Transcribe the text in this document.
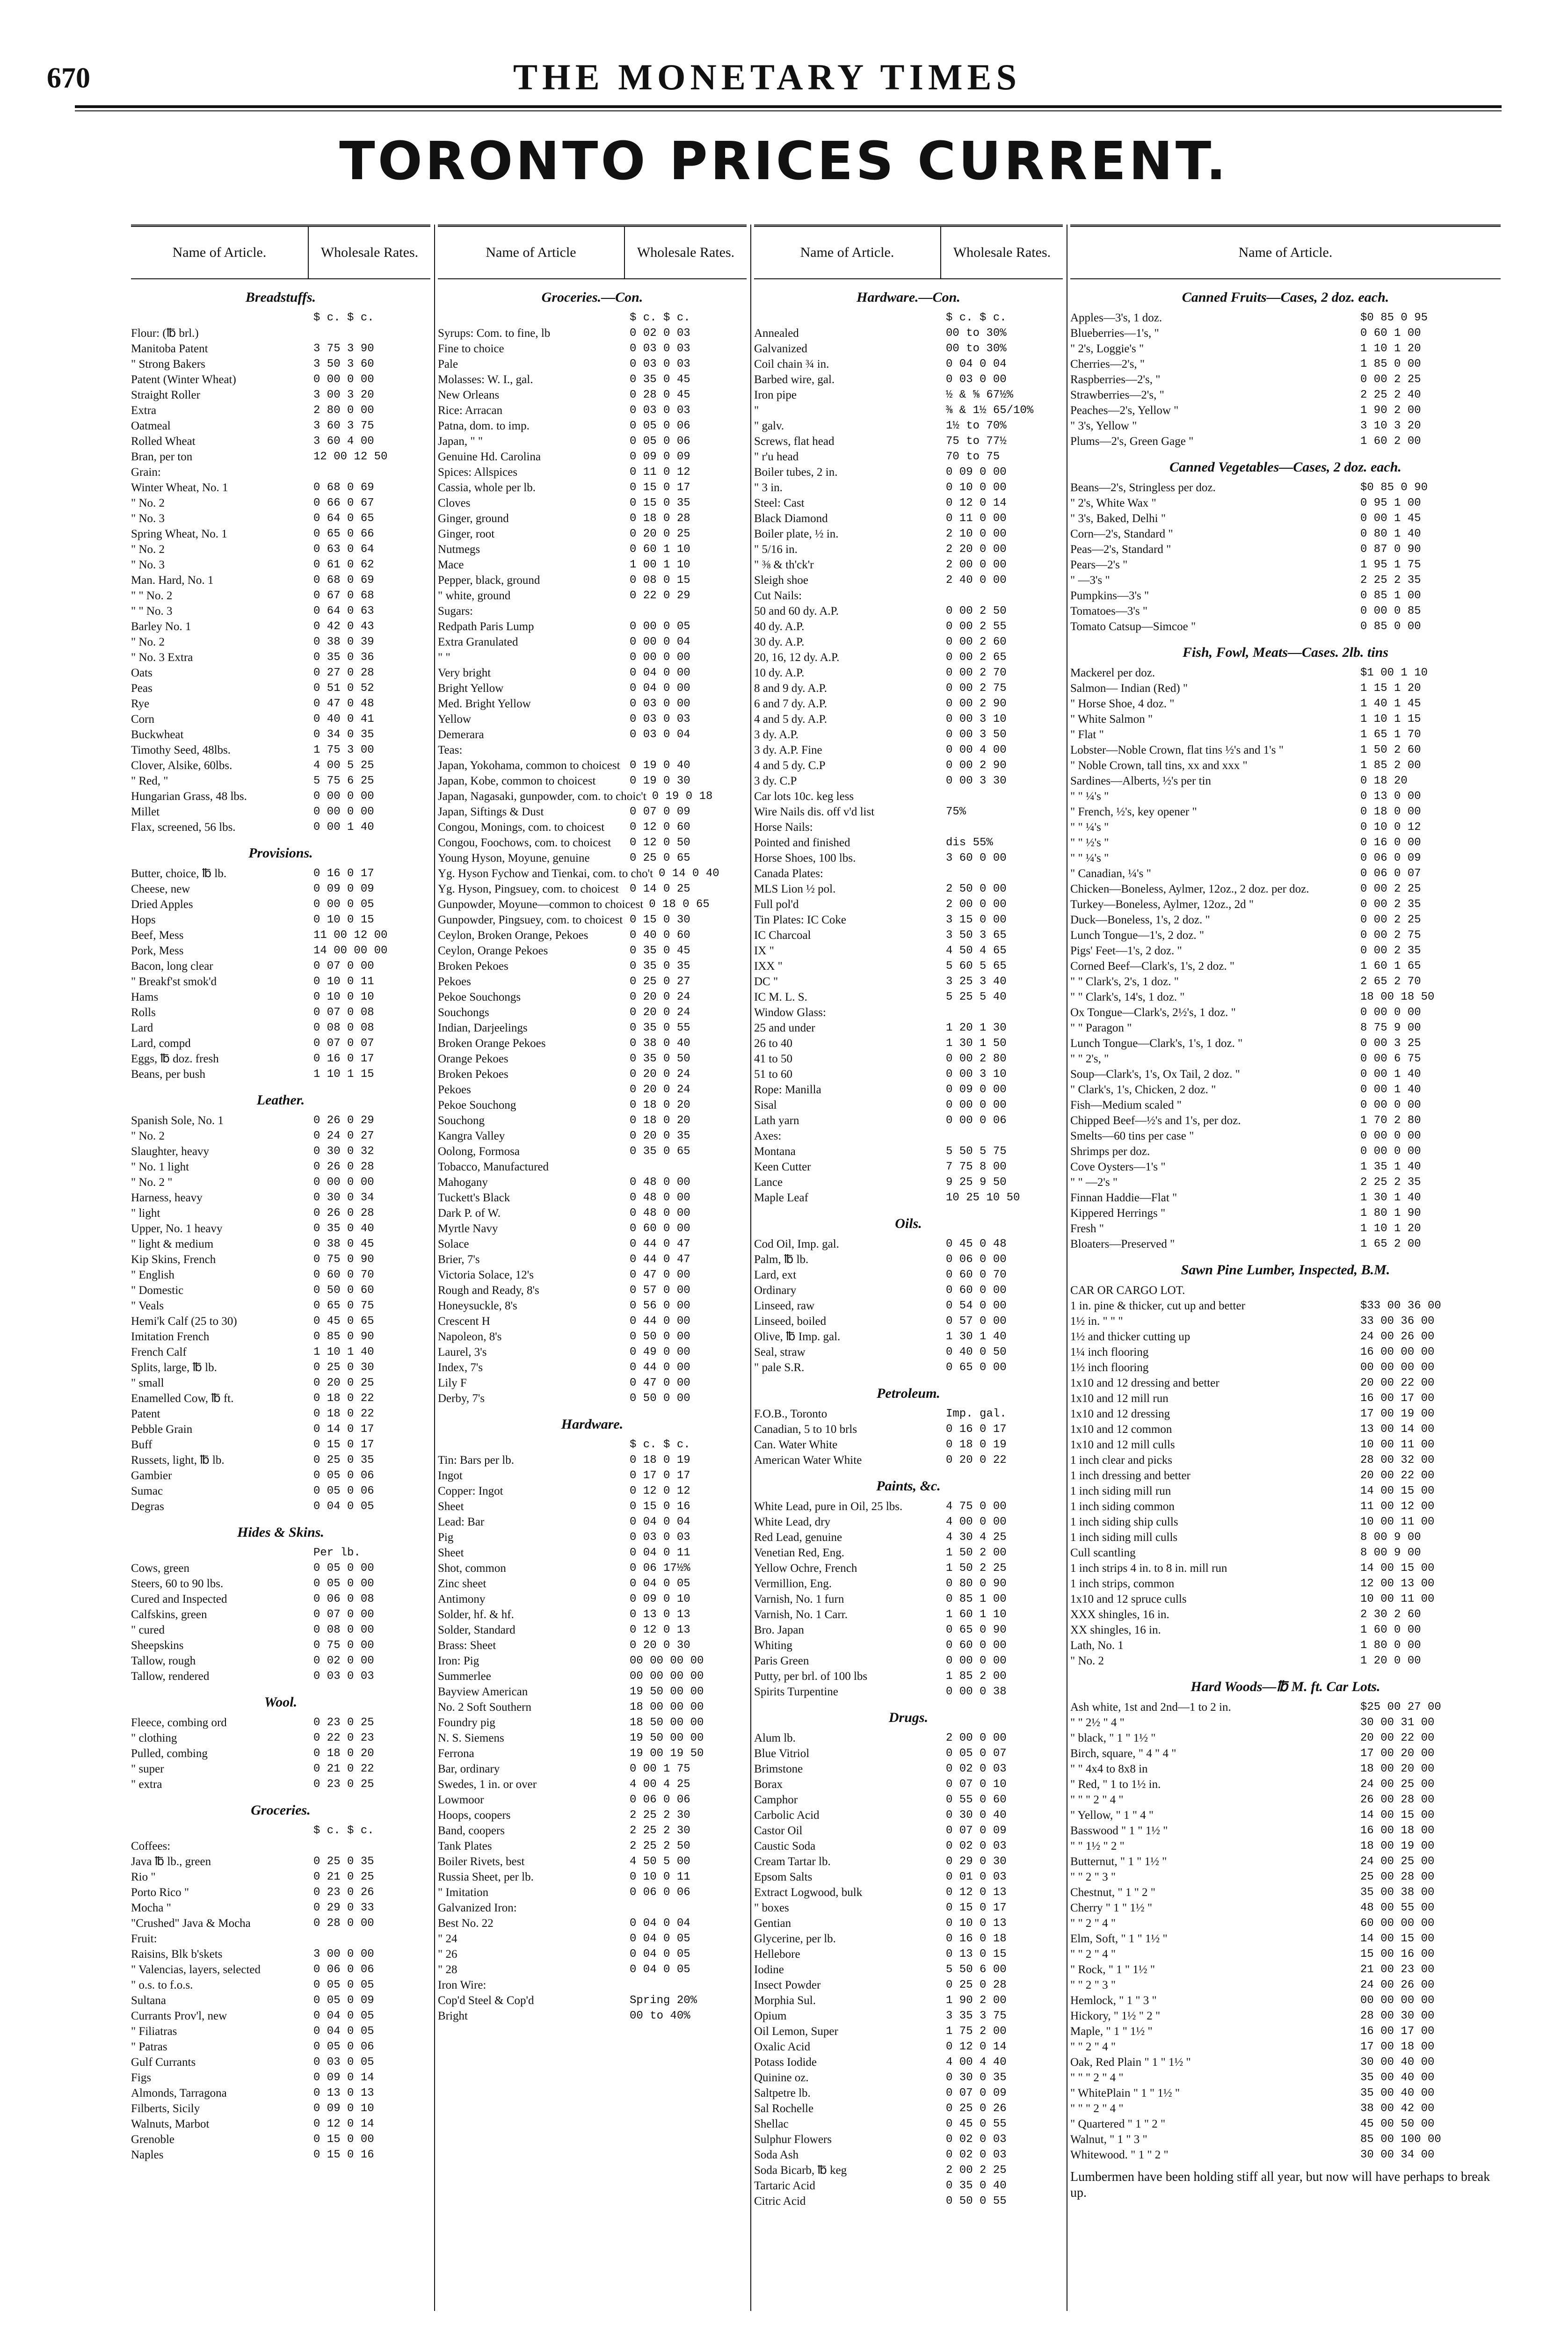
670	THE MONETARY TIMES
TORONTO PRICES CURRENT.
Name of Article.	Wholesale Rates.
Breadstuffs.
$ c. $ c.
Flour: (℔ brl.)
Manitoba Patent	3 75 3 90
" Strong Bakers	3 50 3 60
Patent (Winter Wheat)	0 00 0 00
Straight Roller	3 00 3 20
Extra	2 80 0 00
Oatmeal	3 60 3 75
Rolled Wheat	3 60 4 00
Bran, per ton	12 00 12 50
Grain:
Winter Wheat, No. 1	0 68 0 69
" No. 2	0 66 0 67
" No. 3	0 64 0 65
Spring Wheat, No. 1	0 65 0 66
" No. 2	0 63 0 64
" No. 3	0 61 0 62
Man. Hard, No. 1	0 68 0 69
" " No. 2	0 67 0 68
" " No. 3	0 64 0 63
Barley No. 1	0 42 0 43
" No. 2	0 38 0 39
" No. 3 Extra	0 35 0 36
Oats	0 27 0 28
Peas	0 51 0 52
Rye	0 47 0 48
Corn	0 40 0 41
Buckwheat	0 34 0 35
Timothy Seed, 48lbs.	1 75 3 00
Clover, Alsike, 60lbs.	4 00 5 25
" Red, "	5 75 6 25
Hungarian Grass, 48 lbs.	0 00 0 00
Millet	0 00 0 00
Flax, screened, 56 lbs.	0 00 1 40
Provisions.
Butter, choice, ℔ lb.	0 16 0 17
Cheese, new	0 09 0 09
Dried Apples	0 00 0 05
Hops	0 10 0 15
Beef, Mess	11 00 12 00
Pork, Mess	14 00 00 00
Bacon, long clear	0 07 0 00
" Breakf'st smok'd	0 10 0 11
Hams	0 10 0 10
Rolls	0 07 0 08
Lard	0 08 0 08
Lard, compd	0 07 0 07
Eggs, ℔ doz. fresh	0 16 0 17
Beans, per bush	1 10 1 15
Leather.
Spanish Sole, No. 1	0 26 0 29
" No. 2	0 24 0 27
Slaughter, heavy	0 30 0 32
" No. 1 light	0 26 0 28
" No. 2 "	0 00 0 00
Harness, heavy	0 30 0 34
" light	0 26 0 28
Upper, No. 1 heavy	0 35 0 40
" light & medium	0 38 0 45
Kip Skins, French	0 75 0 90
" English	0 60 0 70
" Domestic	0 50 0 60
" Veals	0 65 0 75
Hemi'k Calf (25 to 30)	0 45 0 65
Imitation French	0 85 0 90
French Calf	1 10 1 40
Splits, large, ℔ lb.	0 25 0 30
" small	0 20 0 25
Enamelled Cow, ℔ ft.	0 18 0 22
Patent	0 18 0 22
Pebble Grain	0 14 0 17
Buff	0 15 0 17
Russets, light, ℔ lb.	0 25 0 35
Gambier	0 05 0 06
Sumac	0 05 0 06
Degras	0 04 0 05
Hides & Skins.
Per lb.
Cows, green	0 05 0 00
Steers, 60 to 90 lbs.	0 05 0 00
Cured and Inspected	0 06 0 08
Calfskins, green	0 07 0 00
" cured	0 08 0 00
Sheepskins	0 75 0 00
Tallow, rough	0 02 0 00
Tallow, rendered	0 03 0 03
Wool.
Fleece, combing ord	0 23 0 25
" clothing	0 22 0 23
Pulled, combing	0 18 0 20
" super	0 21 0 22
" extra	0 23 0 25
Groceries.
$ c. $ c.
Coffees:
Java ℔ lb., green	0 25 0 35
Rio "	0 21 0 25
Porto Rico "	0 23 0 26
Mocha "	0 29 0 33
"Crushed" Java & Mocha	0 28 0 00
Fruit:
Raisins, Blk b'skets	3 00 0 00
" Valencias, layers, selected	0 06 0 06
" o.s. to f.o.s.	0 05 0 05
Sultana	0 05 0 09
Currants Prov'l, new	0 04 0 05
" Filiatras	0 04 0 05
" Patras	0 05 0 06
Gulf Currants	0 03 0 05
Figs	0 09 0 14
Almonds, Tarragona	0 13 0 13
Filberts, Sicily	0 09 0 10
Walnuts, Marbot	0 12 0 14
Grenoble	0 15 0 00
Naples	0 15 0 16
Name of Article	Wholesale Rates.
Groceries.—Con.
$ c. $ c.
Syrups: Com. to fine, lb	0 02 0 03
Fine to choice	0 03 0 03
Pale	0 03 0 03
Molasses: W. I., gal.	0 35 0 45
New Orleans	0 28 0 45
Rice: Arracan	0 03 0 03
Patna, dom. to imp.	0 05 0 06
Japan, " "	0 05 0 06
Genuine Hd. Carolina	0 09 0 09
Spices: Allspices	0 11 0 12
Cassia, whole per lb.	0 15 0 17
Cloves	0 15 0 35
Ginger, ground	0 18 0 28
Ginger, root	0 20 0 25
Nutmegs	0 60 1 10
Mace	1 00 1 10
Pepper, black, ground	0 08 0 15
" white, ground	0 22 0 29
Sugars:
Redpath Paris Lump	0 00 0 05
Extra Granulated	0 00 0 04
" "	0 00 0 00
Very bright	0 04 0 00
Bright Yellow	0 04 0 00
Med. Bright Yellow	0 03 0 00
Yellow	0 03 0 03
Demerara	0 03 0 04
Teas:
Japan, Yokohama, common to choicest 0 19 0 40
Japan, Kobe, common to choicest	0 19 0 30
Japan, Nagasaki, gunpowder, com. to choic't 0 19 0 18
Japan, Siftings & Dust	0 07 0 09
Congou, Monings, com. to choicest	0 12 0 60
Congou, Foochows, com. to choicest	0 12 0 50
Young Hyson, Moyune, genuine	0 25 0 65
Yg. Hyson Fychow and Tienkai, com. to cho't 0 14 0 40
Yg. Hyson, Pingsuey, com. to choicest 0 14 0 25
Gunpowder, Moyune—common to choicest 0 18 0 65
Gunpowder, Pingsuey, com. to choicest 0 15 0 30
Ceylon, Broken Orange, Pekoes	0 40 0 60
Ceylon, Orange Pekoes	0 35 0 45
Broken Pekoes	0 35 0 35
Pekoes	0 25 0 27
Pekoe Souchongs	0 20 0 24
Souchongs	0 20 0 24
Indian, Darjeelings	0 35 0 55
Broken Orange Pekoes	0 38 0 40
Orange Pekoes	0 35 0 50
Broken Pekoes	0 20 0 24
Pekoes	0 20 0 24
Pekoe Souchong	0 18 0 20
Souchong	0 18 0 20
Kangra Valley	0 20 0 35
Oolong, Formosa	0 35 0 65
Tobacco, Manufactured
Mahogany	0 48 0 00
Tuckett's Black	0 48 0 00
Dark P. of W.	0 48 0 00
Myrtle Navy	0 60 0 00
Solace	0 44 0 47
Brier, 7's	0 44 0 47
Victoria Solace, 12's	0 47 0 00
Rough and Ready, 8's	0 57 0 00
Honeysuckle, 8's	0 56 0 00
Crescent H	0 44 0 00
Napoleon, 8's	0 50 0 00
Laurel, 3's	0 49 0 00
Index, 7's	0 44 0 00
Lily F	0 47 0 00
Derby, 7's	0 50 0 00
Hardware.
$ c. $ c.
Tin: Bars per lb.	0 18 0 19
Ingot	0 17 0 17
Copper: Ingot	0 12 0 12
Sheet	0 15 0 16
Lead: Bar	0 04 0 04
Pig	0 03 0 03
Sheet	0 04 0 11
Shot, common	0 06 17½%
Zinc sheet	0 04 0 05
Antimony	0 09 0 10
Solder, hf. & hf.	0 13 0 13
Solder, Standard	0 12 0 13
Brass: Sheet	0 20 0 30
Iron: Pig	00 00 00 00
Summerlee	00 00 00 00
Bayview American	19 50 00 00
No. 2 Soft Southern	18 00 00 00
Foundry pig	18 50 00 00
N. S. Siemens	19 50 00 00
Ferrona	19 00 19 50
Bar, ordinary	0 00 1 75
Swedes, 1 in. or over	4 00 4 25
Lowmoor	0 06 0 06
Hoops, coopers	2 25 2 30
Band, coopers	2 25 2 30
Tank Plates	2 25 2 50
Boiler Rivets, best	4 50 5 00
Russia Sheet, per lb.	0 10 0 11
" Imitation	0 06 0 06
Galvanized Iron:
Best No. 22	0 04 0 04
" 24	0 04 0 05
" 26	0 04 0 05
" 28	0 04 0 05
Iron Wire:
Cop'd Steel & Cop'd	Spring 20%
Bright	00 to 40%
Name of Article.	Wholesale Rates.
Hardware.—Con.
$ c. $ c.
Annealed	00 to 30%
Galvanized	00 to 30%
Coil chain ¾ in.	0 04 0 04
Barbed wire, gal.	0 03 0 00
Iron pipe	½ & ⅝ 67½%
"	⅜ & 1½ 65/10%
" galv.	1½ to 70%
Screws, flat head	75 to 77½
" r'u head	70 to 75
Boiler tubes, 2 in.	0 09 0 00
" 3 in.	0 10 0 00
Steel: Cast	0 12 0 14
Black Diamond	0 11 0 00
Boiler plate, ½ in.	2 10 0 00
" 5/16 in.	2 20 0 00
" ⅜ & th'ck'r	2 00 0 00
Sleigh shoe	2 40 0 00
Cut Nails:
50 and 60 dy. A.P.	0 00 2 50
40 dy. A.P.	0 00 2 55
30 dy. A.P.	0 00 2 60
20, 16, 12 dy. A.P.	0 00 2 65
10 dy. A.P.	0 00 2 70
8 and 9 dy. A.P.	0 00 2 75
6 and 7 dy. A.P.	0 00 2 90
4 and 5 dy. A.P.	0 00 3 10
3 dy. A.P.	0 00 3 50
3 dy. A.P. Fine	0 00 4 00
4 and 5 dy. C.P	0 00 2 90
3 dy. C.P	0 00 3 30
Car lots 10c. keg less
Wire Nails dis. off v'd list	75%
Horse Nails:
Pointed and finished	dis 55%
Horse Shoes, 100 lbs.	3 60 0 00
Canada Plates:
MLS Lion ½ pol.	2 50 0 00
Full pol'd	2 00 0 00
Tin Plates: IC Coke	3 15 0 00
IC Charcoal	3 50 3 65
IX "	4 50 4 65
IXX "	5 60 5 65
DC "	3 25 3 40
IC M. L. S.	5 25 5 40
Window Glass:
25 and under	1 20 1 30
26 to 40	1 30 1 50
41 to 50	0 00 2 80
51 to 60	0 00 3 10
Rope: Manilla	0 09 0 00
Sisal	0 00 0 00
Lath yarn	0 00 0 06
Axes:
Montana	5 50 5 75
Keen Cutter	7 75 8 00
Lance	9 25 9 50
Maple Leaf	10 25 10 50
Oils.
Cod Oil, Imp. gal.	0 45 0 48
Palm, ℔ lb.	0 06 0 00
Lard, ext	0 60 0 70
Ordinary	0 60 0 00
Linseed, raw	0 54 0 00
Linseed, boiled	0 57 0 00
Olive, ℔ Imp. gal.	1 30 1 40
Seal, straw	0 40 0 50
" pale S.R.	0 65 0 00
Petroleum.
F.O.B., Toronto	Imp. gal.
Canadian, 5 to 10 brls	0 16 0 17
Can. Water White	0 18 0 19
American Water White	0 20 0 22
Paints, &c.
White Lead, pure in Oil, 25 lbs.	4 75 0 00
White Lead, dry	4 00 0 00
Red Lead, genuine	4 30 4 25
Venetian Red, Eng.	1 50 2 00
Yellow Ochre, French	1 50 2 25
Vermillion, Eng.	0 80 0 90
Varnish, No. 1 furn	0 85 1 00
Varnish, No. 1 Carr.	1 60 1 10
Bro. Japan	0 65 0 90
Whiting	0 60 0 00
Paris Green	0 00 0 00
Putty, per brl. of 100 lbs	1 85 2 00
Spirits Turpentine	0 00 0 38
Drugs.
Alum lb.	2 00 0 00
Blue Vitriol	0 05 0 07
Brimstone	0 02 0 03
Borax	0 07 0 10
Camphor	0 55 0 60
Carbolic Acid	0 30 0 40
Castor Oil	0 07 0 09
Caustic Soda	0 02 0 03
Cream Tartar lb.	0 29 0 30
Epsom Salts	0 01 0 03
Extract Logwood, bulk	0 12 0 13
" boxes	0 15 0 17
Gentian	0 10 0 13
Glycerine, per lb.	0 16 0 18
Hellebore	0 13 0 15
Iodine	5 50 6 00
Insect Powder	0 25 0 28
Morphia Sul.	1 90 2 00
Opium	3 35 3 75
Oil Lemon, Super	1 75 2 00
Oxalic Acid	0 12 0 14
Potass Iodide	4 00 4 40
Quinine oz.	0 30 0 35
Saltpetre lb.	0 07 0 09
Sal Rochelle	0 25 0 26
Shellac	0 45 0 55
Sulphur Flowers	0 02 0 03
Soda Ash	0 02 0 03
Soda Bicarb, ℔ keg	2 00 2 25
Tartaric Acid	0 35 0 40
Citric Acid	0 50 0 55
Name of Article.
Canned Fruits—Cases, 2 doz. each.
Apples—3's, 1 doz.	$0 85 0 95
Blueberries—1's, "	0 60 1 00
" 2's, Loggie's "	1 10 1 20
Cherries—2's, "	1 85 0 00
Raspberries—2's, "	0 00 2 25
Strawberries—2's, "	2 25 2 40
Peaches—2's, Yellow "	1 90 2 00
" 3's, Yellow "	3 10 3 20
Plums—2's, Green Gage "	1 60 2 00
Canned Vegetables—Cases, 2 doz. each.
Beans—2's, Stringless per doz.	$0 85 0 90
" 2's, White Wax "	0 95 1 00
" 3's, Baked, Delhi "	0 00 1 45
Corn—2's, Standard "	0 80 1 40
Peas—2's, Standard "	0 87 0 90
Pears—2's "	1 95 1 75
" —3's "	2 25 2 35
Pumpkins—3's "	0 85 1 00
Tomatoes—3's "	0 00 0 85
Tomato Catsup—Simcoe "	0 85 0 00
Fish, Fowl, Meats—Cases. 2lb. tins
Mackerel per doz.	$1 00 1 10
Salmon— Indian (Red) "	1 15 1 20
" Horse Shoe, 4 doz. "	1 40 1 45
" White Salmon "	1 10 1 15
" Flat "	1 65 1 70
Lobster—Noble Crown, flat tins ½'s and 1's "	1 50 2 60
" Noble Crown, tall tins, xx and xxx "	1 85 2 00
Sardines—Alberts, ½'s per tin	0 18 20
" " ¼'s "	0 13 0 00
" French, ½'s, key opener "	0 18 0 00
" " ¼'s "	0 10 0 12
" " ½'s "	0 16 0 00
" " ¼'s "	0 06 0 09
" Canadian, ¼'s "	0 06 0 07
Chicken—Boneless, Aylmer, 12oz., 2 doz. per doz.	0 00 2 25
Turkey—Boneless, Aylmer, 12oz., 2d "	0 00 2 35
Duck—Boneless, 1's, 2 doz. "	0 00 2 25
Lunch Tongue—1's, 2 doz. "	0 00 2 75
Pigs' Feet—1's, 2 doz. "	0 00 2 35
Corned Beef—Clark's, 1's, 2 doz. "	1 60 1 65
" " Clark's, 2's, 1 doz. "	2 65 2 70
" " Clark's, 14's, 1 doz. "	18 00 18 50
Ox Tongue—Clark's, 2½'s, 1 doz. "	0 00 0 00
" " Paragon "	8 75 9 00
Lunch Tongue—Clark's, 1's, 1 doz. "	0 00 3 25
" " 2's, "	0 00 6 75
Soup—Clark's, 1's, Ox Tail, 2 doz. "	0 00 1 40
" Clark's, 1's, Chicken, 2 doz. "	0 00 1 40
Fish—Medium scaled "	0 00 0 00
Chipped Beef—½'s and 1's, per doz.	1 70 2 80
Smelts—60 tins per case "	0 00 0 00
Shrimps per doz.	0 00 0 00
Cove Oysters—1's "	1 35 1 40
" " —2's "	2 25 2 35
Finnan Haddie—Flat "	1 30 1 40
Kippered Herrings "	1 80 1 90
Fresh "	1 10 1 20
Bloaters—Preserved "	1 65 2 00
Sawn Pine Lumber, Inspected, B.M.
CAR OR CARGO LOT.
1 in. pine & thicker, cut up and better	$33 00 36 00
1½ in. " " "	33 00 36 00
1½ and thicker cutting up	24 00 26 00
1¼ inch flooring	16 00 00 00
1½ inch flooring	00 00 00 00
1x10 and 12 dressing and better	20 00 22 00
1x10 and 12 mill run	16 00 17 00
1x10 and 12 dressing	17 00 19 00
1x10 and 12 common	13 00 14 00
1x10 and 12 mill culls	10 00 11 00
1 inch clear and picks	28 00 32 00
1 inch dressing and better	20 00 22 00
1 inch siding mill run	14 00 15 00
1 inch siding common	11 00 12 00
1 inch siding ship culls	10 00 11 00
1 inch siding mill culls	8 00 9 00
Cull scantling	8 00 9 00
1 inch strips 4 in. to 8 in. mill run	14 00 15 00
1 inch strips, common	12 00 13 00
1x10 and 12 spruce culls	10 00 11 00
XXX shingles, 16 in.	2 30 2 60
XX shingles, 16 in.	1 60 0 00
Lath, No. 1	1 80 0 00
" No. 2	1 20 0 00
Hard Woods—℔ M. ft. Car Lots.
Ash white, 1st and 2nd—1 to 2 in.	$25 00 27 00
" " 2½ " 4 "	30 00 31 00
" black, " 1 " 1½ "	20 00 22 00
Birch, square, " 4 " 4 "	17 00 20 00
" " 4x4 to 8x8 in	18 00 20 00
" Red, " 1 to 1½ in.	24 00 25 00
" " " 2 " 4 "	26 00 28 00
" Yellow, " 1 " 4 "	14 00 15 00
Basswood " 1 " 1½ "	16 00 18 00
" " 1½ " 2 "	18 00 19 00
Butternut, " 1 " 1½ "	24 00 25 00
" " 2 " 3 "	25 00 28 00
Chestnut, " 1 " 2 "	35 00 38 00
Cherry " 1 " 1½ "	48 00 55 00
" " 2 " 4 "	60 00 00 00
Elm, Soft, " 1 " 1½ "	14 00 15 00
" " 2 " 4 "	15 00 16 00
" Rock, " 1 " 1½ "	21 00 23 00
" " 2 " 3 "	24 00 26 00
Hemlock, " 1 " 3 "	00 00 00 00
Hickory, " 1½ " 2 "	28 00 30 00
Maple, " 1 " 1½ "	16 00 17 00
" " 2 " 4 "	17 00 18 00
Oak, Red Plain " 1 " 1½ "	30 00 40 00
" " " 2 " 4 "	35 00 40 00
" WhitePlain " 1 " 1½ "	35 00 40 00
" " " 2 " 4 "	38 00 42 00
" Quartered " 1 " 2 "	45 00 50 00
Walnut, " 1 " 3 "	85 00 100 00
Whitewood. " 1 " 2 "	30 00 34 00
Lumbermen have been holding stiff all year, but now will have perhaps to break up.
